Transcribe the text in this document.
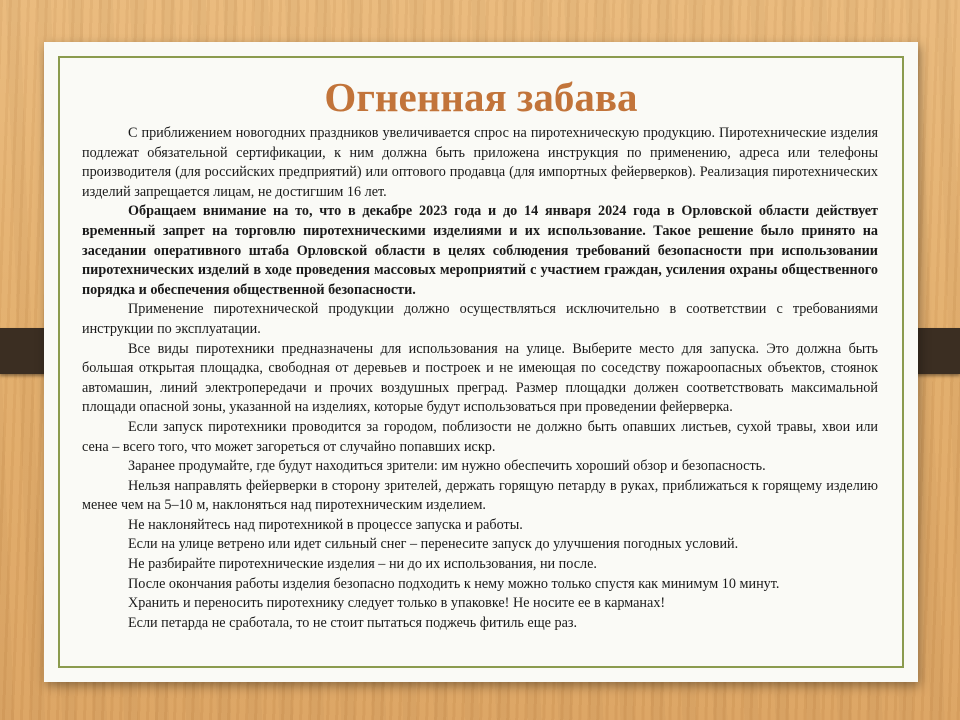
Огненная забава

С приближением новогодних праздников увеличивается спрос на пиротехническую продукцию. Пиротехнические изделия подлежат обязательной сертификации, к ним должна быть приложена инструкция по применению, адреса или телефоны производителя (для российских предприятий) или оптового продавца (для импортных фейерверков). Реализация пиротехнических изделий запрещается лицам, не достигшим 16 лет.

Обращаем внимание на то, что в декабре 2023 года и до 14 января 2024 года в Орловской области действует временный запрет на торговлю пиротехническими изделиями и их использование. Такое решение было принято на заседании оперативного штаба Орловской области в целях соблюдения требований безопасности при использовании пиротехнических изделий в ходе проведения массовых мероприятий с участием граждан, усиления охраны общественного порядка и обеспечения общественной безопасности.

Применение пиротехнической продукции должно осуществляться исключительно в соответствии с требованиями инструкции по эксплуатации.

Все виды пиротехники предназначены для использования на улице. Выберите место для запуска. Это должна быть большая открытая площадка, свободная от деревьев и построек и не имеющая по соседству пожароопасных объектов, стоянок автомашин, линий электропередачи и прочих воздушных преград. Размер площадки должен соответствовать максимальной площади опасной зоны, указанной на изделиях, которые будут использоваться при проведении фейерверка.

Если запуск пиротехники проводится за городом, поблизости не должно быть опавших листьев, сухой травы, хвои или сена – всего того, что может загореться от случайно попавших искр.

Заранее продумайте, где будут находиться зрители: им нужно обеспечить хороший обзор и безопасность.

Нельзя направлять фейерверки в сторону зрителей, держать горящую петарду в руках, приближаться к горящему изделию менее чем на 5–10 м, наклоняться над пиротехническим изделием.

Не наклоняйтесь над пиротехникой в процессе запуска и работы.

Если на улице ветрено или идет сильный снег – перенесите запуск до улучшения погодных условий.

Не разбирайте пиротехнические изделия – ни до их использования, ни после.

После окончания работы изделия безопасно подходить к нему можно только спустя как минимум 10 минут.

Хранить и переносить пиротехнику следует только в упаковке! Не носите ее в карманах!

Если петарда не сработала, то не стоит пытаться поджечь фитиль еще раз.
